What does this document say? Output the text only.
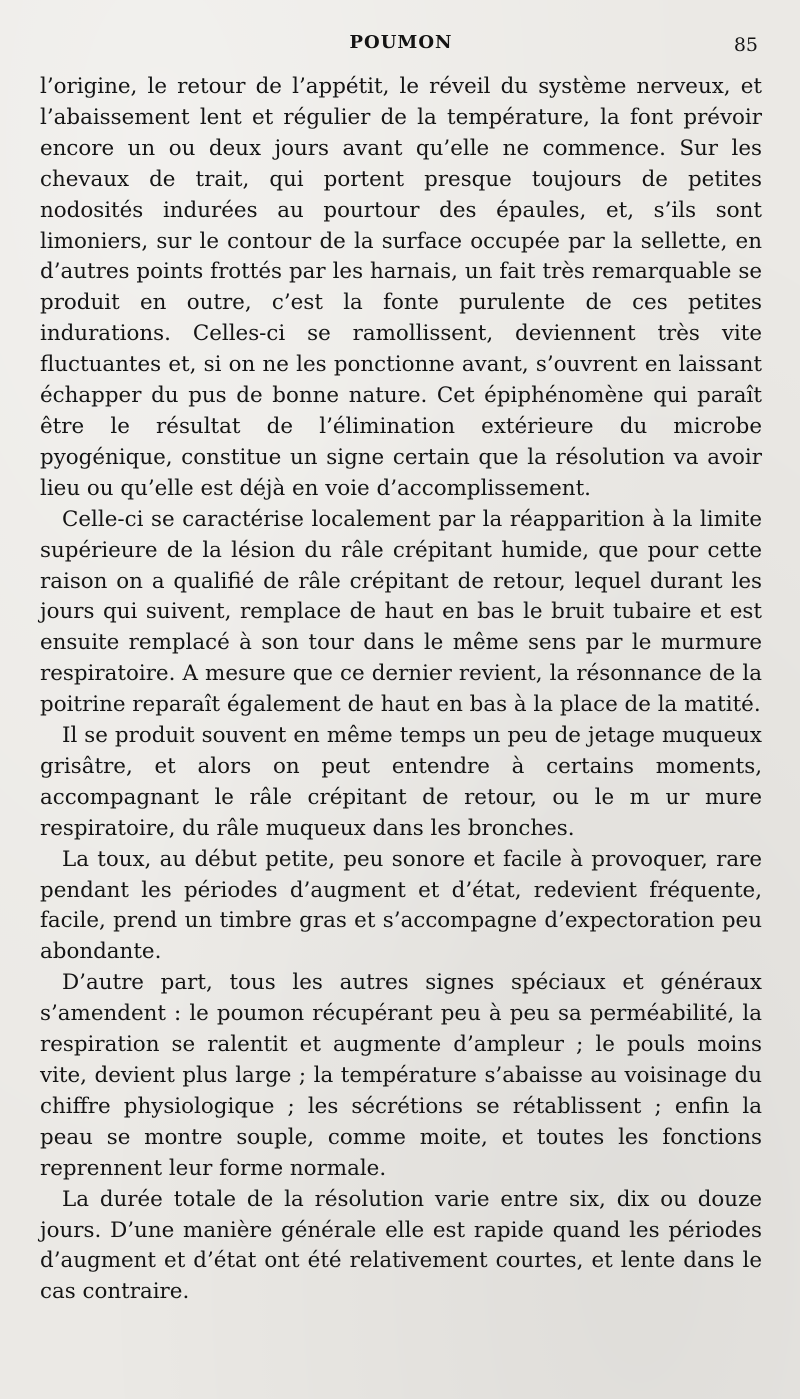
POUMON	85

l’origine, le retour de l’appétit, le réveil du système nerveux, et l’abaissement lent et régulier de la température, la font prévoir encore un ou deux jours avant qu’elle ne commence. Sur les chevaux de trait, qui portent presque toujours de petites nodosités indurées au pourtour des épaules, et, s’ils sont limoniers, sur le contour de la surface occupée par la sellette, en d’autres points frottés par les harnais, un fait très remarquable se produit en outre, c’est la fonte purulente de ces petites indurations. Celles-ci se ramollissent, deviennent très vite fluctuantes et, si on ne les ponctionne avant, s’ouvrent en laissant échapper du pus de bonne nature. Cet épiphénomène qui paraît être le résultat de l’élimination extérieure du microbe pyogénique, constitue un signe certain que la résolution va avoir lieu ou qu’elle est déjà en voie d’accomplissement.

Celle-ci se caractérise localement par la réapparition à la limite supérieure de la lésion du râle crépitant humide, que pour cette raison on a qualifié de râle crépitant de retour, lequel durant les jours qui suivent, remplace de haut en bas le bruit tubaire et est ensuite remplacé à son tour dans le même sens par le murmure respiratoire. A mesure que ce dernier revient, la résonnance de la poitrine reparaît également de haut en bas à la place de la matité.

Il se produit souvent en même temps un peu de jetage muqueux grisâtre, et alors on peut entendre à certains moments, accompagnant le râle crépitant de retour, ou le m ur mure respiratoire, du râle muqueux dans les bronches.

La toux, au début petite, peu sonore et facile à provoquer, rare pendant les périodes d’augment et d’état, redevient fréquente, facile, prend un timbre gras et s’accompagne d’expectoration peu abondante.

D’autre part, tous les autres signes spéciaux et généraux s’amendent : le poumon récupérant peu à peu sa perméabilité, la respiration se ralentit et augmente d’ampleur ; le pouls moins vite, devient plus large ; la température s’abaisse au voisinage du chiffre physiologique ; les sécrétions se rétablissent ; enfin la peau se montre souple, comme moite, et toutes les fonctions reprennent leur forme normale.

La durée totale de la résolution varie entre six, dix ou douze jours. D’une manière générale elle est rapide quand les périodes d’augment et d’état ont été relativement courtes, et lente dans le cas contraire.
